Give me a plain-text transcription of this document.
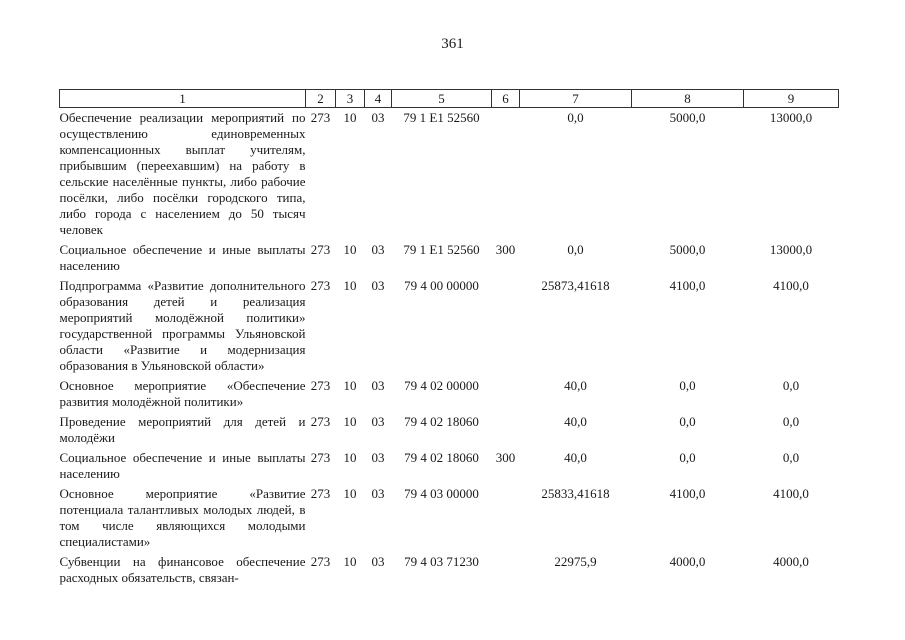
361
1	2	3	4	5	6	7	8	9
Обеспечение реализации мероприятий по осуществлению единовременных компенсационных выплат учителям, прибывшим (переехавшим) на работу в сельские населённые пункты, либо рабочие посёлки, либо посёлки городского типа, либо города с населением до 50 тысяч человек	273	10	03	79 1 E1 52560		0,0	5000,0	13000,0
Социальное обеспечение и иные выплаты населению	273	10	03	79 1 E1 52560	300	0,0	5000,0	13000,0
Подпрограмма «Развитие дополнительного образования детей и реализация мероприятий молодёжной политики» государственной программы Ульяновской области «Развитие и модернизация образования в Ульяновской области»	273	10	03	79 4 00 00000		25873,41618	4100,0	4100,0
Основное мероприятие «Обеспечение развития молодёжной политики»	273	10	03	79 4 02 00000		40,0	0,0	0,0
Проведение мероприятий для детей и молодёжи	273	10	03	79 4 02 18060		40,0	0,0	0,0
Социальное обеспечение и иные выплаты населению	273	10	03	79 4 02 18060	300	40,0	0,0	0,0
Основное мероприятие «Развитие потенциала талантливых молодых людей, в том числе являющихся молодыми специалистами»	273	10	03	79 4 03 00000		25833,41618	4100,0	4100,0
Субвенции на финансовое обеспечение расходных обязательств, связан-	273	10	03	79 4 03 71230		22975,9	4000,0	4000,0
